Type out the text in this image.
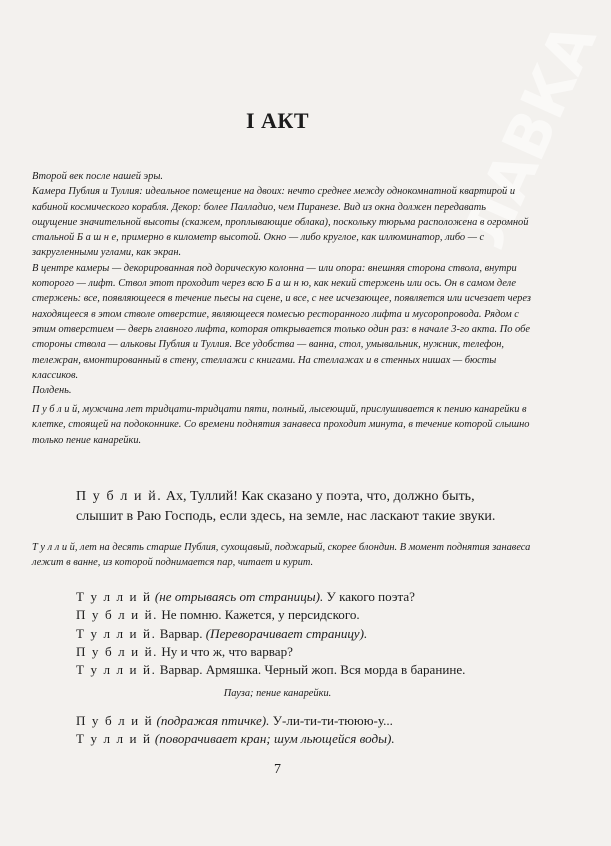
ЛАВКА
I АКТ

Второй век после нашей эры.

Камера Публия и Туллия: идеальное помещение на двоих: нечто среднее между однокомнатной квартирой и кабиной космического корабля. Декор: более Палладио, чем Пиранезе. Вид из окна должен передавать ощущение значительной высоты (скажем, проплывающие облака), поскольку тюрьма расположена в огромной стальной Б а ш н е, примерно в километр высотой. Окно — либо круглое, как иллюминатор, либо — с закругленными углами, как экран.

В центре камеры — декорированная под дорическую колонна — или опора: внешняя сторона ствола, внутри которого — лифт. Ствол этот проходит через всю Б а ш н ю, как некий стержень или ось. Он в самом деле стержень: все, появляющееся в течение пьесы на сцене, и все, с нее исчезающее, появляется или исчезает через находящееся в этом стволе отверстие, являющееся помесью ресторанного лифта и мусоропровода. Рядом с этим отверстием — дверь главного лифта, которая открывается только один раз: в начале 3-го акта. По обе стороны ствола — альковы Публия и Туллия. Все удобства — ванна, стол, умывальник, нужник, телефон, тележран, вмонтированный в стену, стеллажи с книгами. На стеллажах и в стенных нишах — бюсты классиков.

Полдень.

П у б л и й, мужчина лет тридцати-тридцати пяти, полный, лысеющий, прислушивается к пению канарейки в клетке, стоящей на подоконнике. Со времени поднятия занавеса проходит минута, в течение которой слышно только пение канарейки.

П у б л и й. Ах, Туллий! Как сказано у поэта, что, должно быть, слышит в Раю Господь, если здесь, на земле, нас ласкают такие звуки.

Т у л л и й, лет на десять старше Публия, сухощавый, поджарый, скорее блондин. В момент поднятия занавеса лежит в ванне, из которой поднимается пар, читает и курит.

Т у л л и й (не отрываясь от страницы). У какого поэта?

П у б л и й. Не помню. Кажется, у персидского.

Т у л л и й. Варвар. (Переворачивает страницу).

П у б л и й. Ну и что ж, что варвар?

Т у л л и й. Варвар. Армяшка. Черный жоп. Вся морда в баранине.

Пауза; пение канарейки.

П у б л и й (подражая птичке). У-ли-ти-ти-тююю-у...

Т у л л и й (поворачивает кран; шум льющейся воды).

7
